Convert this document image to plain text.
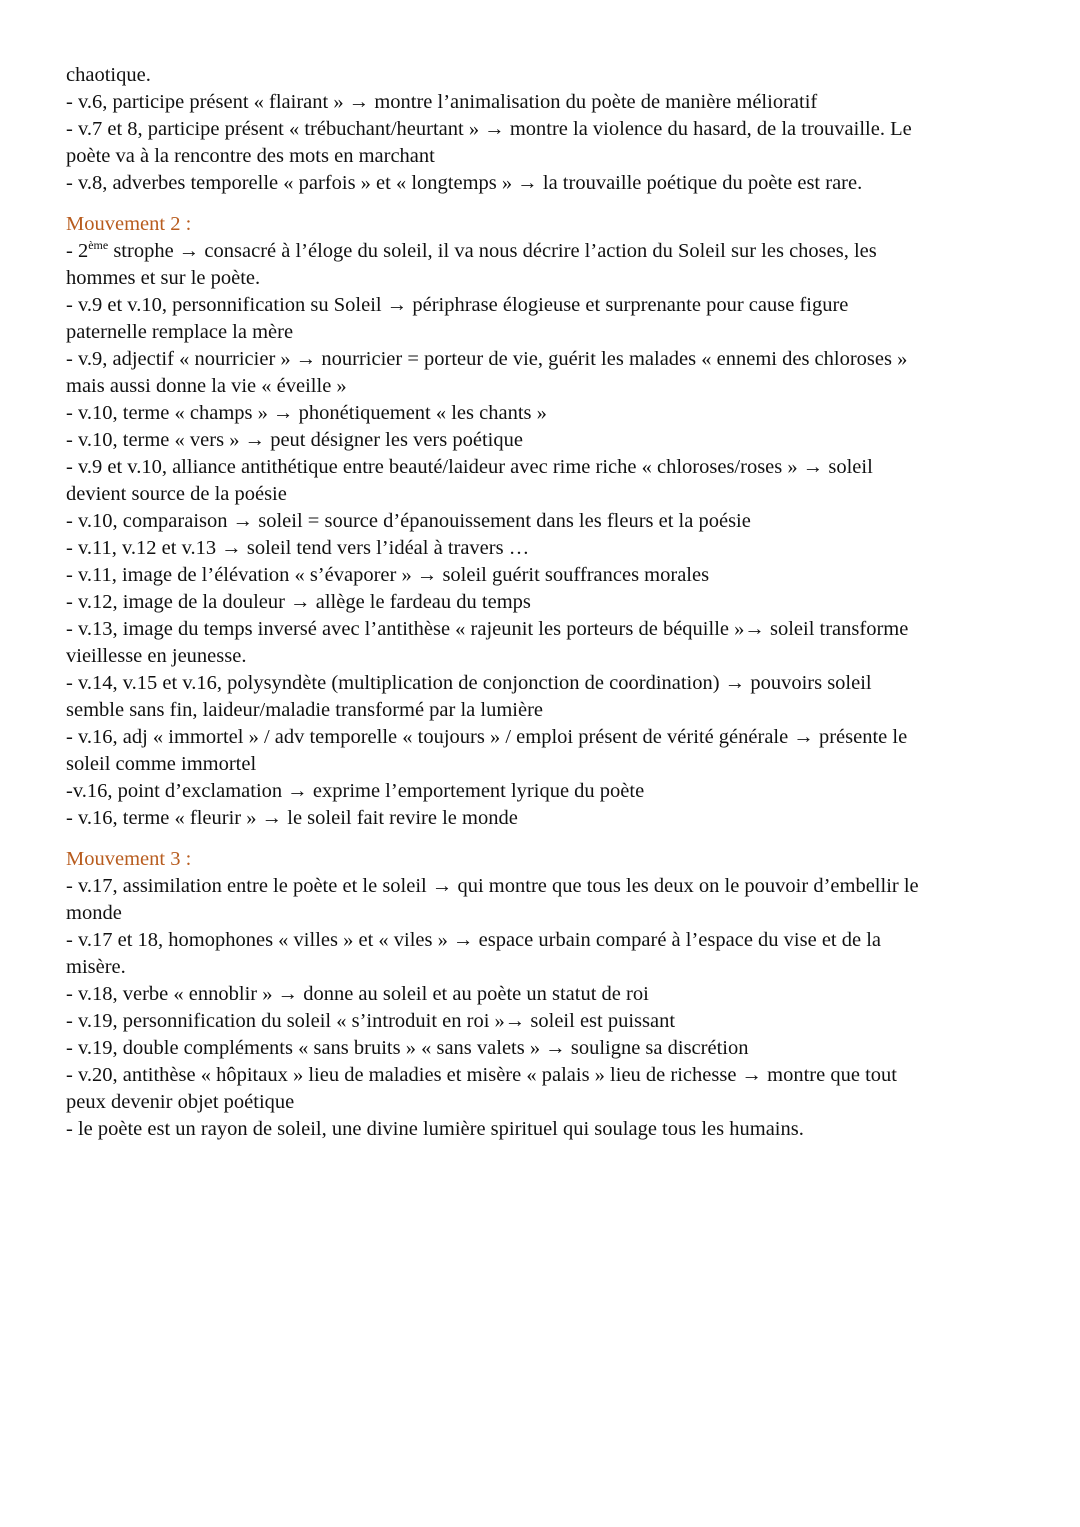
chaotique.
- v.6, participe présent « flairant » → montre l’animalisation du poète de manière mélioratif
- v.7 et 8, participe présent « trébuchant/heurtant » → montre la violence du hasard, de la trouvaille. Le
poète va à la rencontre des mots en marchant
- v.8, adverbes temporelle « parfois » et « longtemps » → la trouvaille poétique du poète est rare.
Mouvement 2 :
- 2ème strophe → consacré à l’éloge du soleil, il va nous décrire l’action du Soleil sur les choses, les
hommes et sur le poète.
- v.9 et v.10, personnification su Soleil → périphrase élogieuse et surprenante pour cause figure
paternelle remplace la mère
- v.9, adjectif « nourricier » → nourricier = porteur de vie, guérit les malades « ennemi des chloroses »
mais aussi donne la vie « éveille »
- v.10, terme « champs » → phonétiquement « les chants »
- v.10, terme « vers » → peut désigner les vers poétique
- v.9 et v.10, alliance antithétique entre beauté/laideur avec rime riche « chloroses/roses » → soleil
devient source de la poésie
- v.10, comparaison → soleil = source d’épanouissement dans les fleurs et la poésie
- v.11, v.12 et v.13 → soleil tend vers l’idéal à travers …
- v.11, image de l’élévation « s’évaporer » → soleil guérit souffrances morales
- v.12, image de la douleur → allège le fardeau du temps
- v.13, image du temps inversé avec l’antithèse « rajeunit les porteurs de béquille »→ soleil transforme
vieillesse en jeunesse.
- v.14, v.15 et v.16, polysyndète (multiplication de conjonction de coordination) → pouvoirs soleil
semble sans fin, laideur/maladie transformé par la lumière
- v.16, adj « immortel » / adv temporelle « toujours » / emploi présent de vérité générale → présente le
soleil comme immortel
-v.16, point d’exclamation → exprime l’emportement lyrique du poète
- v.16, terme « fleurir » → le soleil fait revire le monde
Mouvement 3 :
- v.17, assimilation entre le poète et le soleil → qui montre que tous les deux on le pouvoir d’embellir le
monde
- v.17 et 18, homophones « villes » et « viles » → espace urbain comparé à l’espace du vise et de la
misère.
- v.18, verbe « ennoblir » → donne au soleil et au poète un statut de roi
- v.19, personnification du soleil « s’introduit en roi »→ soleil est puissant
- v.19, double compléments « sans bruits » « sans valets » → souligne sa discrétion
- v.20, antithèse « hôpitaux » lieu de maladies et misère « palais » lieu de richesse → montre que tout
peux devenir objet poétique
- le poète est un rayon de soleil, une divine lumière spirituel qui soulage tous les humains.
